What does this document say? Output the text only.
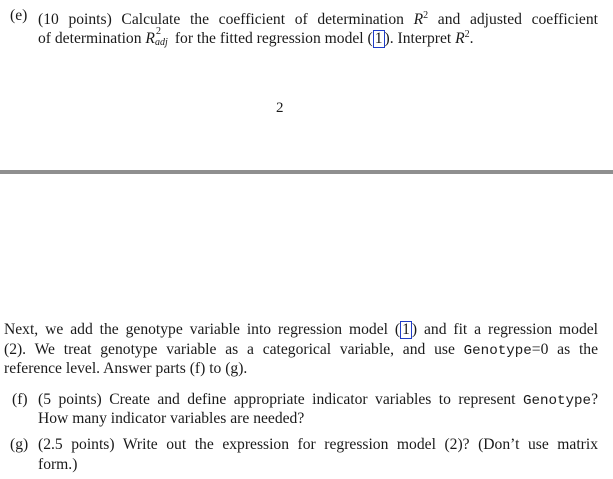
(e) (10 points) Calculate the coefficient of determination $R^2$ and adjusted coefficient
of determination R 2
adj for the fitted regression model ( 1 ). Interpret $R^2$.
2
Next, we add the genotype variable into regression model ( 1 ) and fit a regression model
(2). We treat genotype variable as a categorical variable, and use Genotype=0 as the
reference level. Answer parts (f) to (g).
(f) (5 points) Create and define appropriate indicator variables to represent Genotype?
How many indicator variables are needed?
(g) (2.5 points) Write out the expression for regression model (2)? (Don’t use matrix
form.)
